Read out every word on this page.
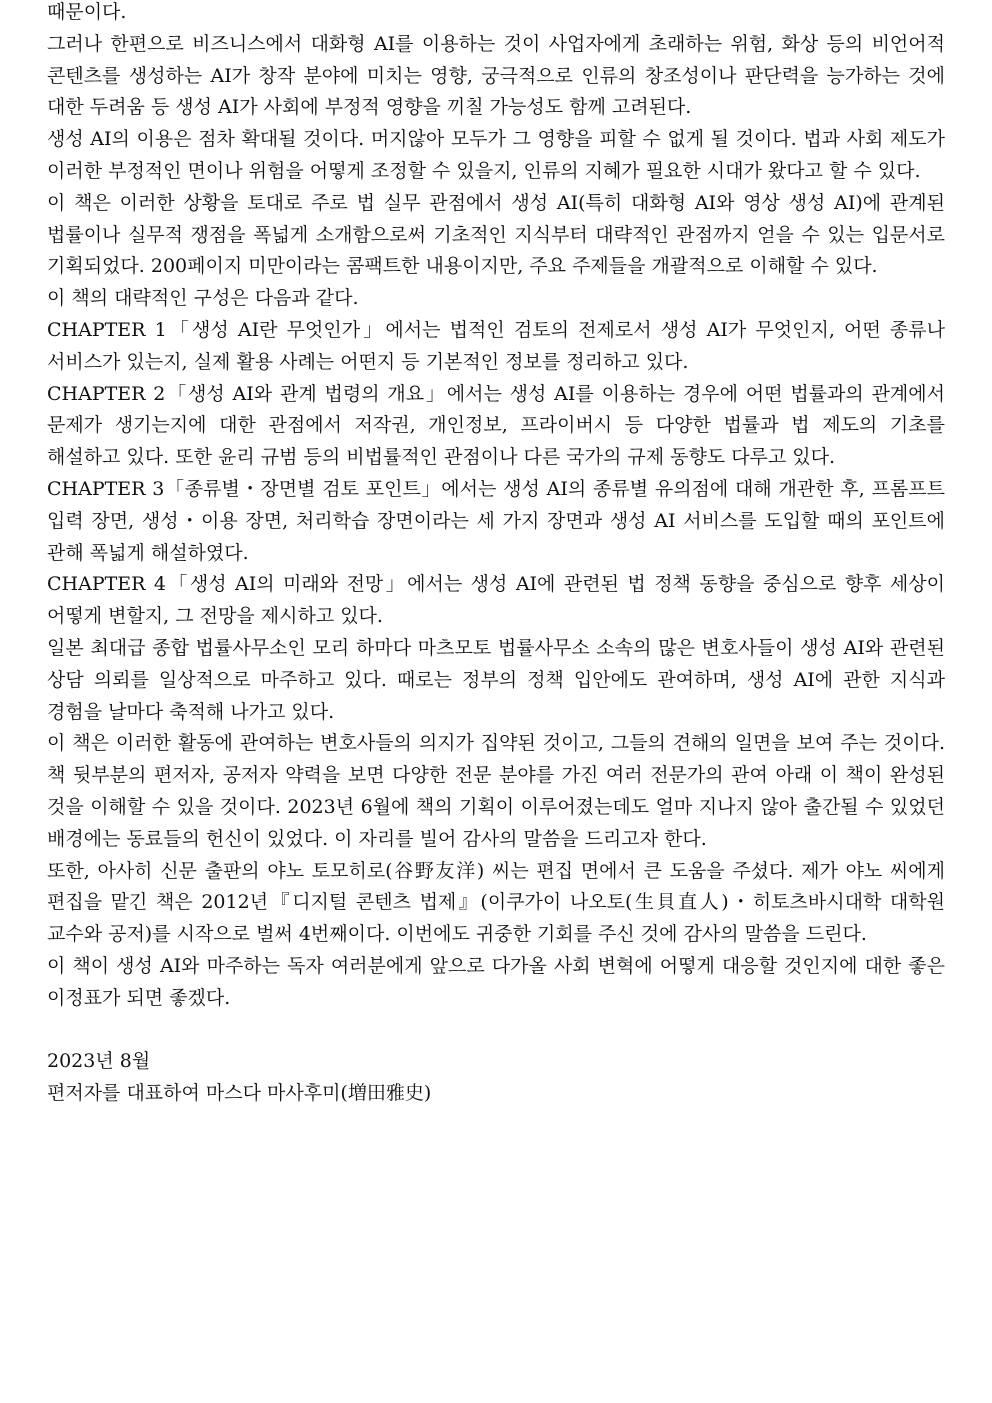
때문이다.

그러나 한편으로 비즈니스에서 대화형 AI를 이용하는 것이 사업자에게 초래하는 위험, 화상 등의 비언어적 콘텐츠를 생성하는 AI가 창작 분야에 미치는 영향, 궁극적으로 인류의 창조성이나 판단력을 능가하는 것에 대한 두려움 등 생성 AI가 사회에 부정적 영향을 끼칠 가능성도 함께 고려된다.

생성 AI의 이용은 점차 확대될 것이다. 머지않아 모두가 그 영향을 피할 수 없게 될 것이다. 법과 사회 제도가 이러한 부정적인 면이나 위험을 어떻게 조정할 수 있을지, 인류의 지혜가 필요한 시대가 왔다고 할 수 있다.

이 책은 이러한 상황을 토대로 주로 법 실무 관점에서 생성 AI(특히 대화형 AI와 영상 생성 AI)에 관계된 법률이나 실무적 쟁점을 폭넓게 소개함으로써 기초적인 지식부터 대략적인 관점까지 얻을 수 있는 입문서로 기획되었다. 200페이지 미만이라는 콤팩트한 내용이지만, 주요 주제들을 개괄적으로 이해할 수 있다.

이 책의 대략적인 구성은 다음과 같다.

CHAPTER 1「생성 AI란 무엇인가」에서는 법적인 검토의 전제로서 생성 AI가 무엇인지, 어떤 종류나 서비스가 있는지, 실제 활용 사례는 어떤지 등 기본적인 정보를 정리하고 있다.

CHAPTER 2「생성 AI와 관계 법령의 개요」에서는 생성 AI를 이용하는 경우에 어떤 법률과의 관계에서 문제가 생기는지에 대한 관점에서 저작권, 개인정보, 프라이버시 등 다양한 법률과 법 제도의 기초를 해설하고 있다. 또한 윤리 규범 등의 비법률적인 관점이나 다른 국가의 규제 동향도 다루고 있다.

CHAPTER 3「종류별・장면별 검토 포인트」에서는 생성 AI의 종류별 유의점에 대해 개관한 후, 프롬프트 입력 장면, 생성・이용 장면, 처리학습 장면이라는 세 가지 장면과 생성 AI 서비스를 도입할 때의 포인트에 관해 폭넓게 해설하였다.

CHAPTER 4「생성 AI의 미래와 전망」에서는 생성 AI에 관련된 법 정책 동향을 중심으로 향후 세상이 어떻게 변할지, 그 전망을 제시하고 있다.

일본 최대급 종합 법률사무소인 모리 하마다 마츠모토 법률사무소 소속의 많은 변호사들이 생성 AI와 관련된 상담 의뢰를 일상적으로 마주하고 있다. 때로는 정부의 정책 입안에도 관여하며, 생성 AI에 관한 지식과 경험을 날마다 축적해 나가고 있다.

이 책은 이러한 활동에 관여하는 변호사들의 의지가 집약된 것이고, 그들의 견해의 일면을 보여 주는 것이다. 책 뒷부분의 편저자, 공저자 약력을 보면 다양한 전문 분야를 가진 여러 전문가의 관여 아래 이 책이 완성된 것을 이해할 수 있을 것이다. 2023년 6월에 책의 기획이 이루어졌는데도 얼마 지나지 않아 출간될 수 있었던 배경에는 동료들의 헌신이 있었다. 이 자리를 빌어 감사의 말씀을 드리고자 한다.

또한, 아사히 신문 출판의 야노 토모히로(谷野友洋) 씨는 편집 면에서 큰 도움을 주셨다. 제가 야노 씨에게 편집을 맡긴 책은 2012년『디지털 콘텐츠 법제』(이쿠가이 나오토(生貝直人)・히토츠바시대학 대학원 교수와 공저)를 시작으로 벌써 4번째이다. 이번에도 귀중한 기회를 주신 것에 감사의 말씀을 드린다.

이 책이 생성 AI와 마주하는 독자 여러분에게 앞으로 다가올 사회 변혁에 어떻게 대응할 것인지에 대한 좋은 이정표가 되면 좋겠다.

2023년 8월

편저자를 대표하여 마스다 마사후미(増田雅史)
